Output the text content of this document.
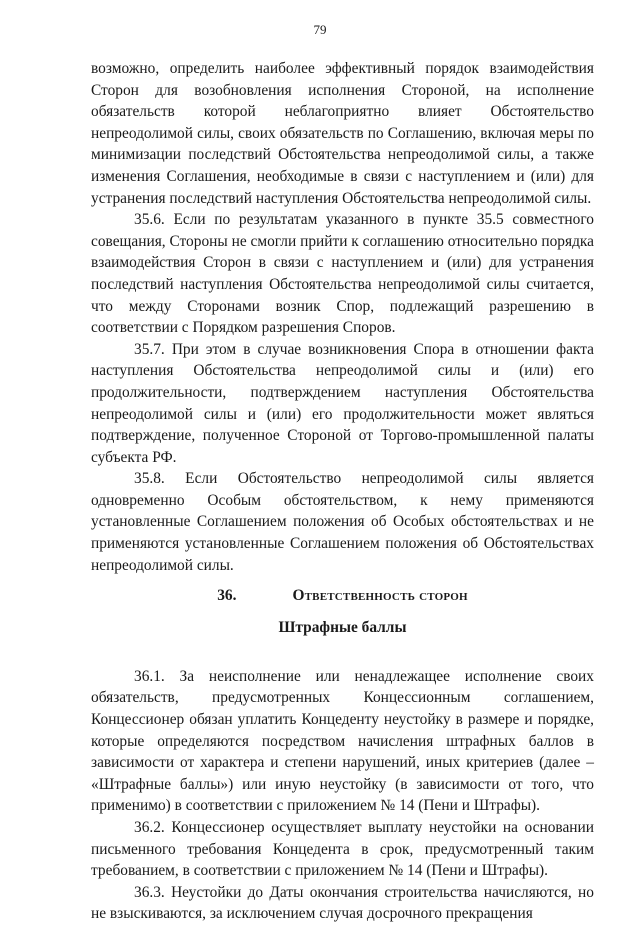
79

возможно, определить наиболее эффективный порядок взаимодействия Сторон для возобновления исполнения Стороной, на исполнение обязательств которой неблагоприятно влияет Обстоятельство непреодолимой силы, своих обязательств по Соглашению, включая меры по минимизации последствий Обстоятельства непреодолимой силы, а также изменения Соглашения, необходимые в связи с наступлением и (или) для устранения последствий наступления Обстоятельства непреодолимой силы.

35.6. Если по результатам указанного в пункте 35.5 совместного совещания, Стороны не смогли прийти к соглашению относительно порядка взаимодействия Сторон в связи с наступлением и (или) для устранения последствий наступления Обстоятельства непреодолимой силы считается, что между Сторонами возник Спор, подлежащий разрешению в соответствии с Порядком разрешения Споров.

35.7. При этом в случае возникновения Спора в отношении факта наступления Обстоятельства непреодолимой силы и (или) его продолжительности, подтверждением наступления Обстоятельства непреодолимой силы и (или) его продолжительности может являться подтверждение, полученное Стороной от Торгово-промышленной палаты субъекта РФ.

35.8. Если Обстоятельство непреодолимой силы является одновременно Особым обстоятельством, к нему применяются установленные Соглашением положения об Особых обстоятельствах и не применяются установленные Соглашением положения об Обстоятельствах непреодолимой силы.

36.	Ответственность сторон
Штрафные баллы

36.1. За неисполнение или ненадлежащее исполнение своих обязательств, предусмотренных Концессионным соглашением, Концессионер обязан уплатить Концеденту неустойку в размере и порядке, которые определяются посредством начисления штрафных баллов в зависимости от характера и степени нарушений, иных критериев (далее – «Штрафные баллы») или иную неустойку (в зависимости от того, что применимо) в соответствии с приложением № 14 (Пени и Штрафы).

36.2. Концессионер осуществляет выплату неустойки на основании письменного требования Концедента в срок, предусмотренный таким требованием, в соответствии с приложением № 14 (Пени и Штрафы).

36.3. Неустойки до Даты окончания строительства начисляются, но не взыскиваются, за исключением случая досрочного прекращения
